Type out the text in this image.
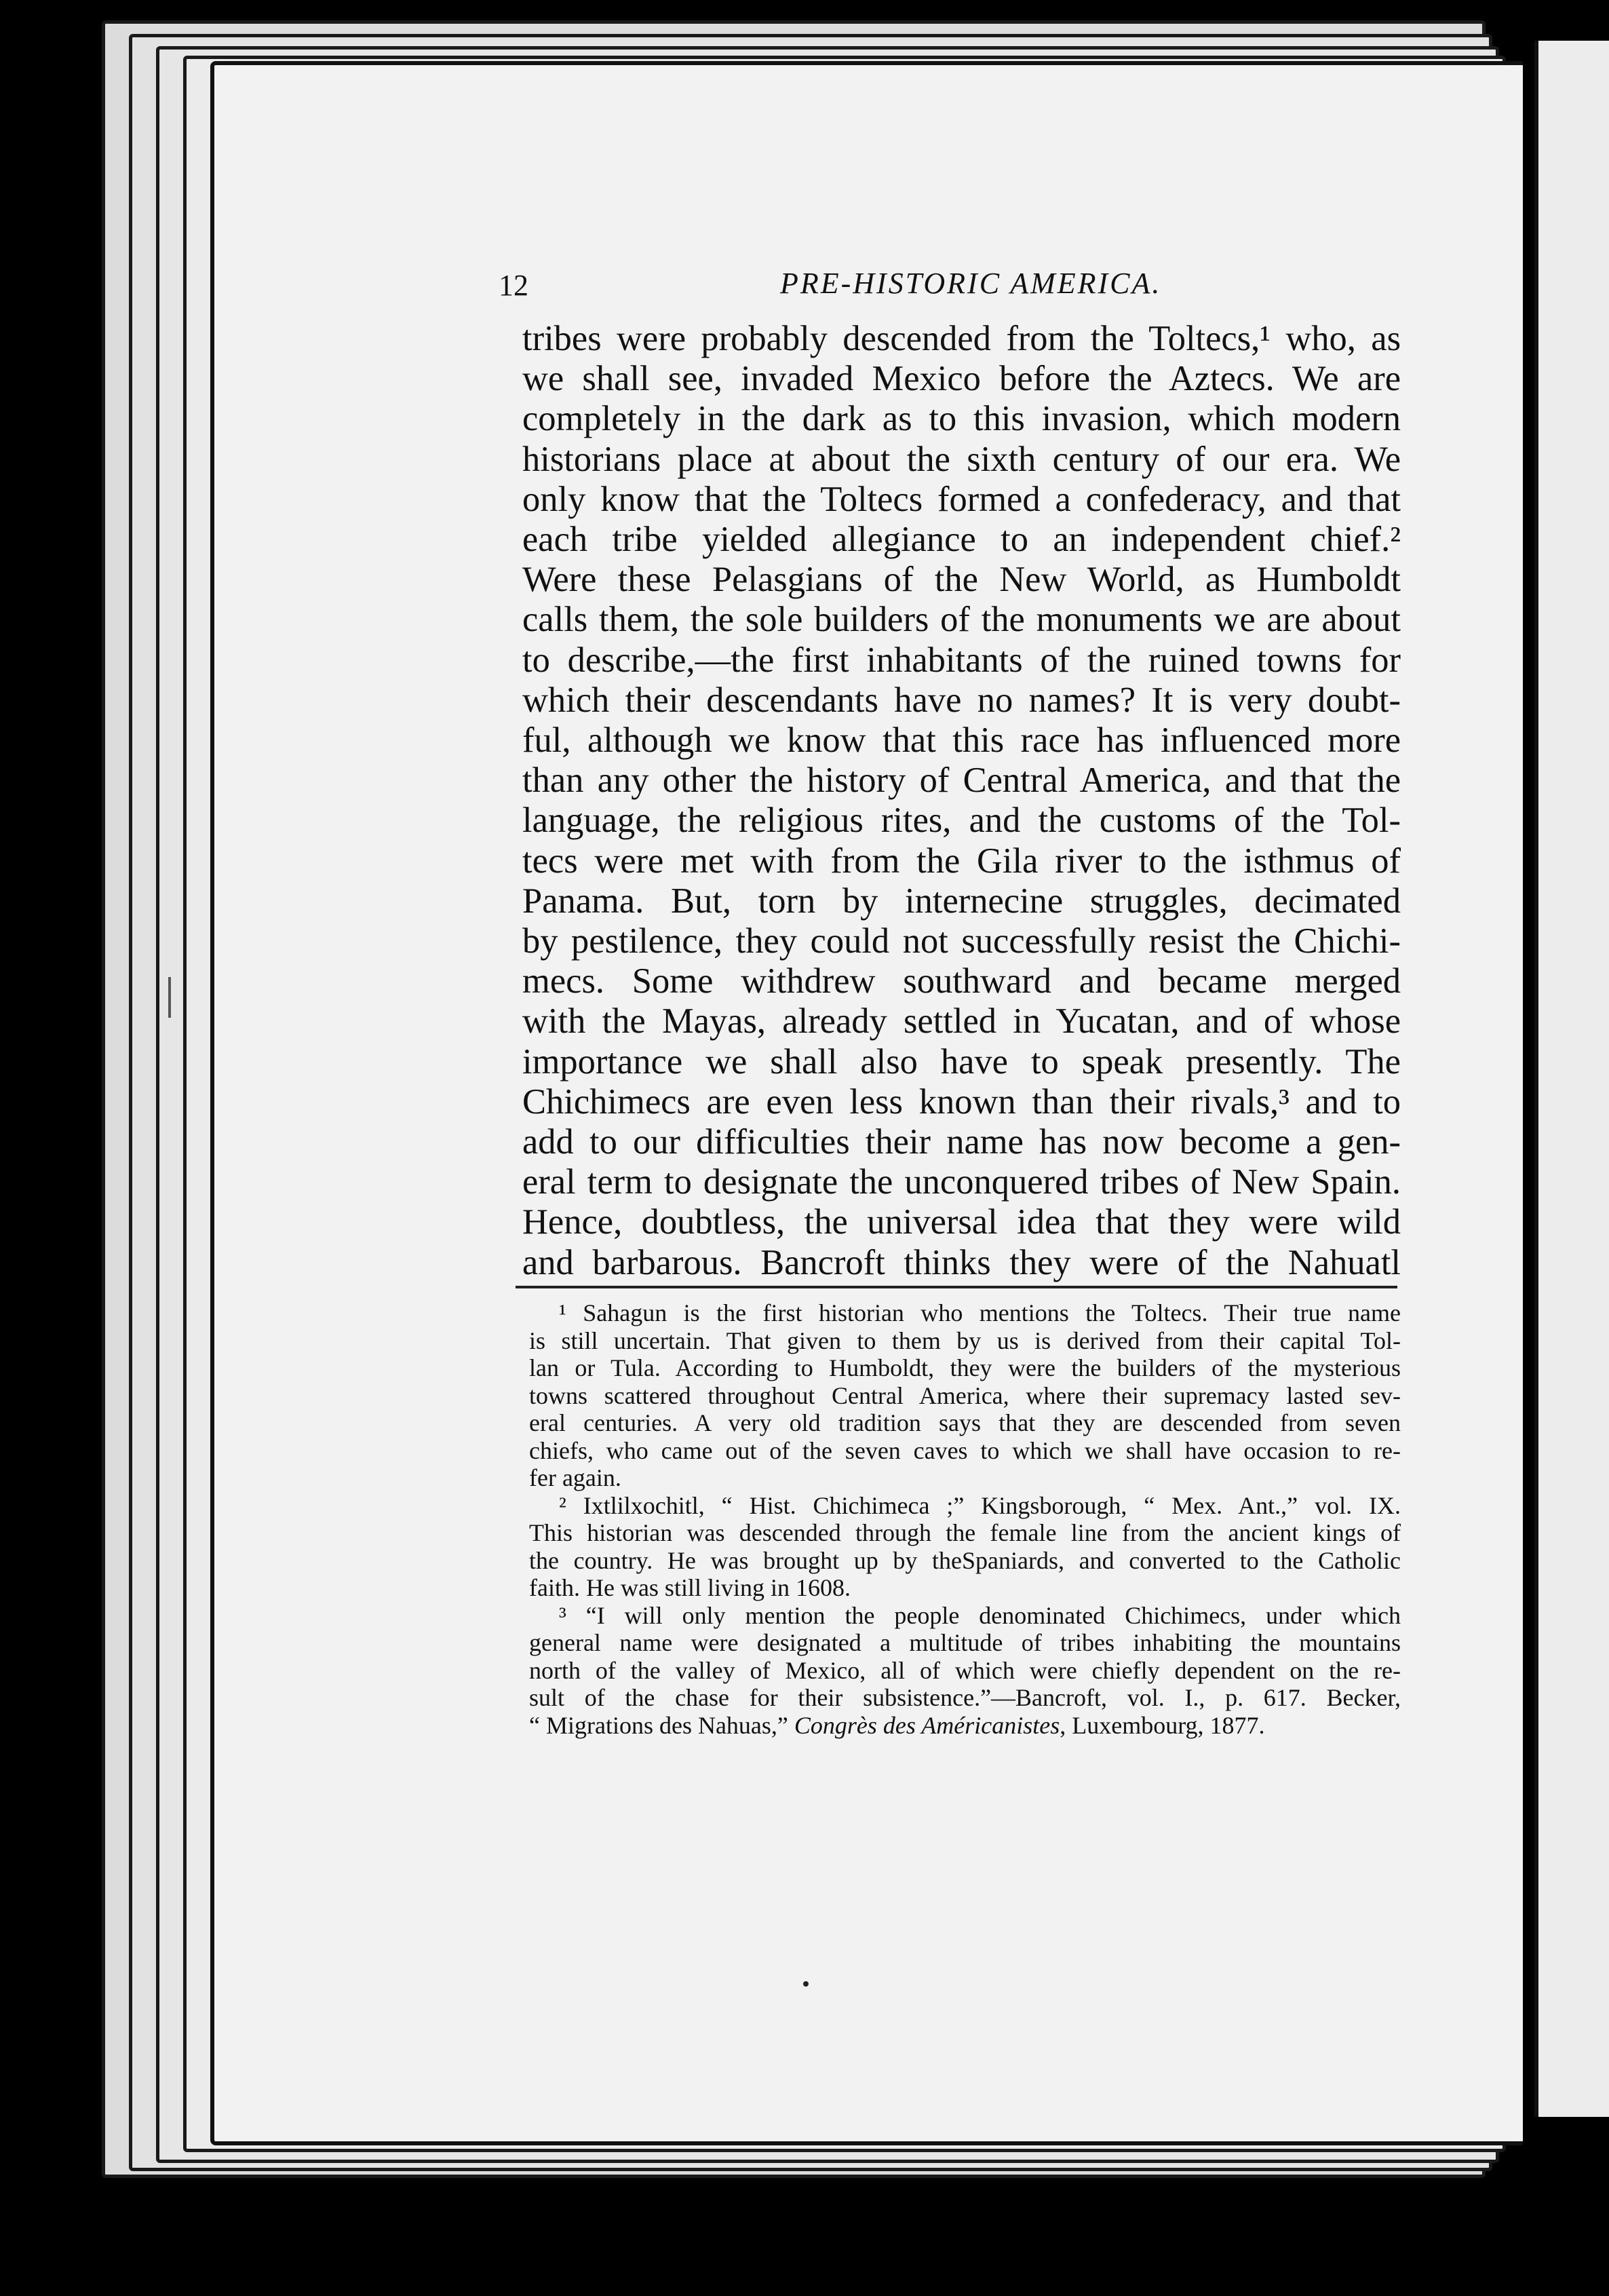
12	PRE-HISTORIC AMERICA.
tribes were probably descended from the Toltecs,¹ who, as
we shall see, invaded Mexico before the Aztecs. We are
completely in the dark as to this invasion, which modern
historians place at about the sixth century of our era. We
only know that the Toltecs formed a confederacy, and that
each tribe yielded allegiance to an independent chief.²
Were these Pelasgians of the New World, as Humboldt
calls them, the sole builders of the monuments we are about
to describe,—the first inhabitants of the ruined towns for
which their descendants have no names? It is very doubt-
ful, although we know that this race has influenced more
than any other the history of Central America, and that the
language, the religious rites, and the customs of the Tol-
tecs were met with from the Gila river to the isthmus of
Panama. But, torn by internecine struggles, decimated
by pestilence, they could not successfully resist the Chichi-
mecs. Some withdrew southward and became merged
with the Mayas, already settled in Yucatan, and of whose
importance we shall also have to speak presently. The
Chichimecs are even less known than their rivals,³ and to
add to our difficulties their name has now become a gen-
eral term to designate the unconquered tribes of New Spain.
Hence, doubtless, the universal idea that they were wild
and barbarous. Bancroft thinks they were of the Nahuatl
¹ Sahagun is the first historian who mentions the Toltecs. Their true name
is still uncertain. That given to them by us is derived from their capital Tol-
lan or Tula. According to Humboldt, they were the builders of the mysterious
towns scattered throughout Central America, where their supremacy lasted sev-
eral centuries. A very old tradition says that they are descended from seven
chiefs, who came out of the seven caves to which we shall have occasion to re-
fer again.
² Ixtlilxochitl, “ Hist. Chichimeca ;” Kingsborough, “ Mex. Ant.,” vol. IX.
This historian was descended through the female line from the ancient kings of
the country. He was brought up by theSpaniards, and converted to the Catholic
faith. He was still living in 1608.
³ “I will only mention the people denominated Chichimecs, under which
general name were designated a multitude of tribes inhabiting the mountains
north of the valley of Mexico, all of which were chiefly dependent on the re-
sult of the chase for their subsistence.”—Bancroft, vol. I., p. 617. Becker,
“ Migrations des Nahuas,” Congrès des Américanistes, Luxembourg, 1877.
